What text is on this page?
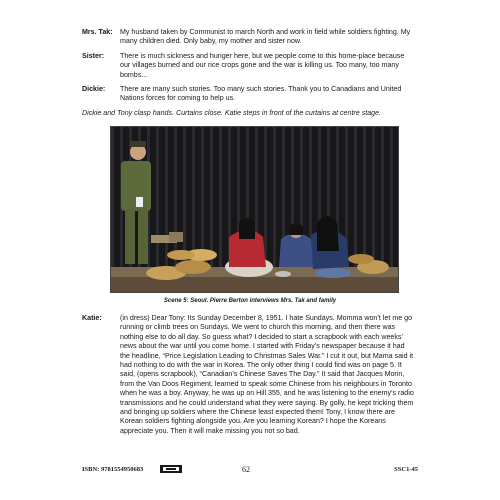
Mrs. Tak: My husband taken by Communist to march North and work in field while soldiers fighting. My many children died. Only baby, my mother and sister now.
Sister: There is much sickness and hunger here, but we people come to this home-place because our villages burned and our rice crops gone and the war is killing us. Too many, too many bombs...
Dickie: There are many such stories. Too many such stories. Thank you to Canadians and United Nations forces for coming to help us.
Dickie and Tony clasp hands. Curtains close. Katie steps in front of the curtains at centre stage.
Scene 5: Seoul. Pierre Berton interviews Mrs. Tak and family
Katie:	(in dress) Dear Tony: Its Sunday December 8, 1951. I hate Sundays. Momma won’t let me go running or climb trees on Sundays. We went to church this morning, and then there was nothing else to do all day. So guess what? I decided to start a scrapbook with each weeks’ news about the war until you come home. I started with Friday’s newspaper because it had the headline, “Price Legislation Leading to Christmas Sales War.” I cut it out, but Mama said it had nothing to do with the war in Korea. The only other thing I could find was on page 5. It said, (opens scrapbook), “Canadian’s Chinese Saves The Day.” It said that Jacques Morin, from the Van Doos Regiment, learned to speak some Chinese from his neighbours in Toronto when he was a boy. Anyway, he was up on Hill 355, and he was listening to the enemy’s radio transmissions and he could understand what they were saying. By golly, he kept tricking them and bringing up soldiers where the Chinese least expected them! Tony, I know there are Korean soldiers fighting alongside you. Are you learning Korean? I hope the Koreans appreciate you. Then it will make missing you not so bad.
ISBN: 9781554950683	62	SSC1-45
